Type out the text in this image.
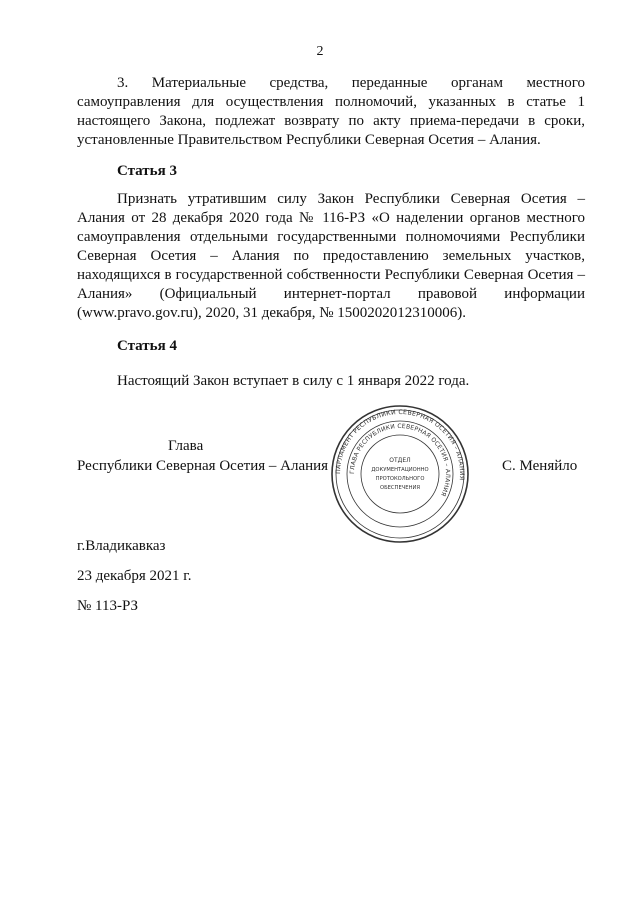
2

3. Материальные средства, переданные органам местного самоуправления для осуществления полномочий, указанных в статье 1 настоящего Закона, подлежат возврату по акту приема-передачи в сроки, установленные Правительством Республики Северная Осетия – Алания.

Статья 3

Признать утратившим силу Закон Республики Северная Осетия – Алания от 28 декабря 2020 года № 116-РЗ «О наделении органов местного самоуправления отдельными государственными полномочиями Республики Северная Осетия – Алания по предоставлению земельных участков, находящихся в государственной собственности Республики Северная Осетия – Алания» (Официальный интернет-портал правовой информации (www.pravo.gov.ru), 2020, 31 декабря, № 1500202012310006).

Статья 4

Настоящий Закон вступает в силу с 1 января 2022 года.

Глава
Республики Северная Осетия – Алания	С. Меняйло
ПАРЛАМЕНТ РЕСПУБЛИКИ СЕВЕРНАЯ ОСЕТИЯ – АЛАНИЯ
ГЛАВА РЕСПУБЛИКИ СЕВЕРНАЯ ОСЕТИЯ – АЛАНИЯ
ОТДЕЛ
ДОКУМЕНТАЦИОННО
ПРОТОКОЛЬНОГО
ОБЕСПЕЧЕНИЯ
г.Владикавказ
23 декабря 2021 г.
№ 113-РЗ
